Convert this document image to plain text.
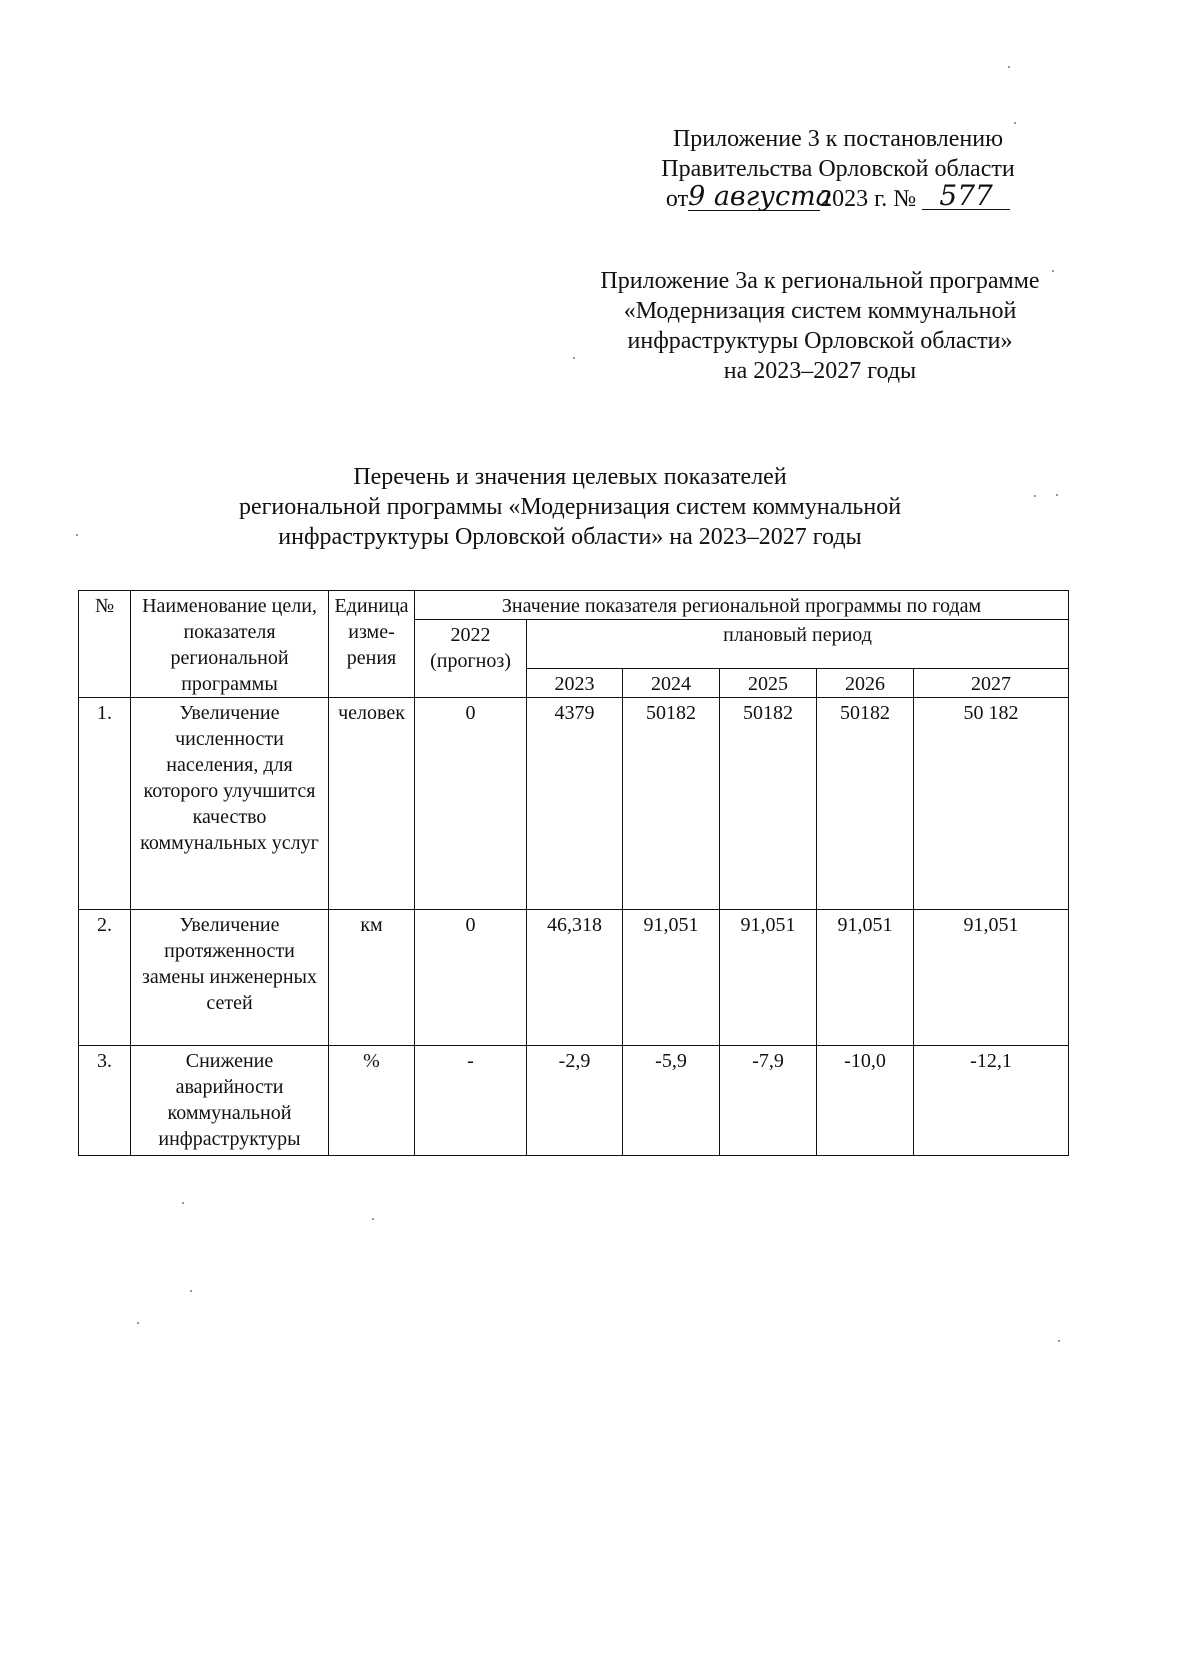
Приложение 3 к постановлению
Правительства Орловской области
от9 августа2023 г. № 577
Приложение 3а к региональной программе
«Модернизация систем коммунальной
инфраструктуры Орловской области»
на 2023–2027 годы
Перечень и значения целевых показателей
региональной программы «Модернизация систем коммунальной
инфраструктуры Орловской области» на 2023–2027 годы
№	Наименование цели, показателя региональной программы	Единица изме-рения	Значение показателя региональной программы по годам					
			2022 (прогноз)	плановый период				
				2023	2024	2025	2026	2027
1.	Увеличение численности населения, для которого улучшится качество коммунальных услуг	человек	0	4379	50182	50182	50182	50 182
2.	Увеличение протяженности замены инженерных сетей	км	0	46,318	91,051	91,051	91,051	91,051
3.	Снижение аварийности коммунальной инфраструктуры	%	-	-2,9	-5,9	-7,9	-10,0	-12,1
